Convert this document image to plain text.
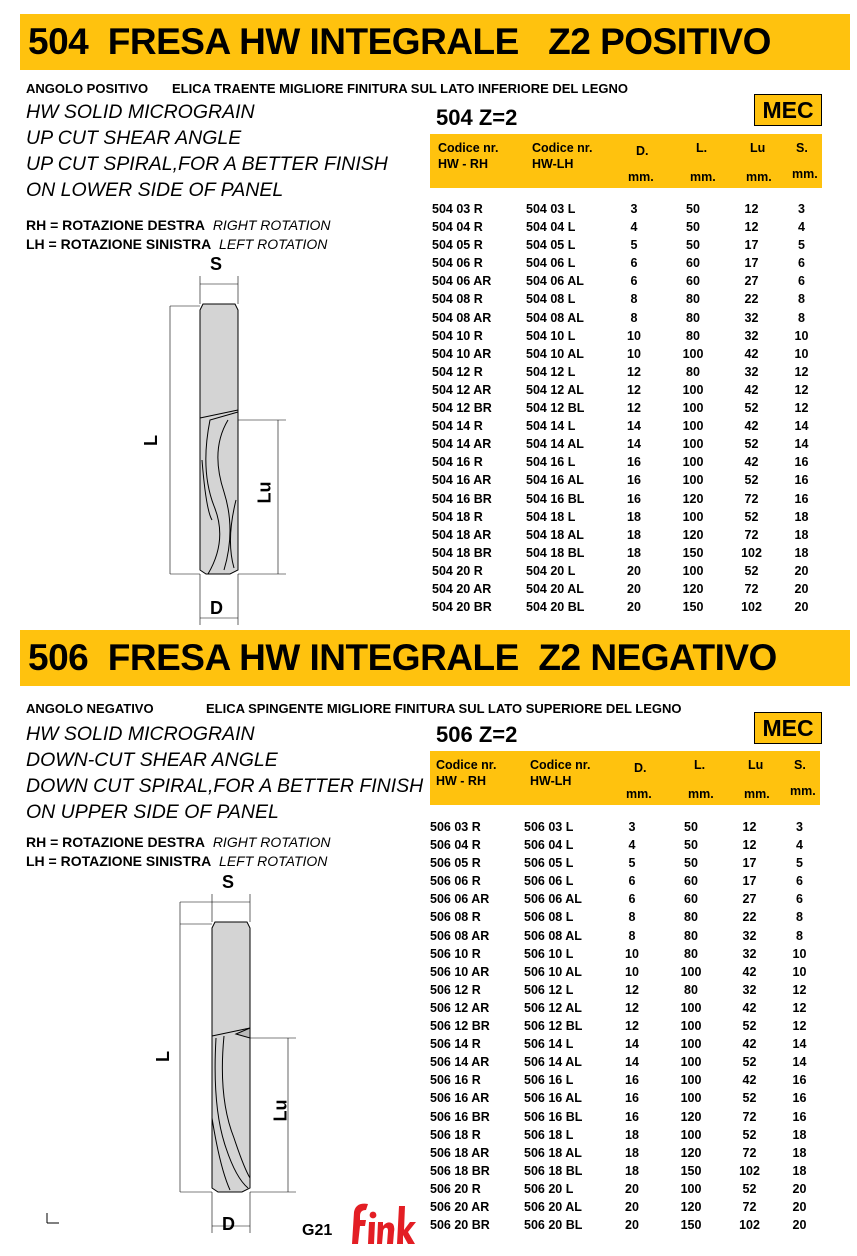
504  FRESA HW INTEGRALE   Z2 POSITIVO
ANGOLO POSITIVO ELICA TRAENTE MIGLIORE FINITURA SUL LATO INFERIORE DEL LEGNO
HW SOLID MICROGRAIN
UP CUT SHEAR ANGLE
UP CUT SPIRAL,FOR A BETTER FINISH
ON LOWER SIDE OF PANEL
RH = ROTAZIONE DESTRA RIGHT ROTATION
LH = ROTAZIONE SINISTRA LEFT ROTATION
504 Z=2	MEC
Codice nr.
HW - RH
Codice nr.
HW-LH
D.	L.	Lu S.
mm.	mm. mm. mm.
504 03 R	504 03 L	3	50	12	3
504 04 R	504 04 L	4	50	12	4
504 05 R	504 05 L	5	50	17	5
504 06 R	504 06 L	6	60	17	6
504 06 AR	504 06 AL	6	60	27	6
504 08 R	504 08 L	8	80	22	8
504 08 AR	504 08 AL	8	80	32	8
504 10 R	504 10 L	10	80	32	10
504 10 AR	504 10 AL	10	100	42	10
504 12 R	504 12 L	12	80	32	12
504 12 AR	504 12 AL	12	100	42	12
504 12 BR	504 12 BL	12	100	52	12
504 14 R	504 14 L	14	100	42	14
504 14 AR	504 14 AL	14	100	52	14
504 16 R	504 16 L	16	100	42	16
504 16 AR	504 16 AL	16	100	52	16
504 16 BR	504 16 BL	16	120	72	16
504 18 R	504 18 L	18	100	52	18
504 18 AR	504 18 AL	18	120	72	18
504 18 BR	504 18 BL	18	150	102	18
504 20 R	504 20 L	20	100	52	20
504 20 AR	504 20 AL	20	120	72	20
504 20 BR	504 20 BL	20	150	102	20
S
L
Lu
D
506  FRESA HW INTEGRALE  Z2 NEGATIVO
ANGOLO NEGATIVO	ELICA SPINGENTE MIGLIORE FINITURA SUL LATO SUPERIORE DEL LEGNO
HW SOLID MICROGRAIN
DOWN-CUT SHEAR ANGLE
DOWN CUT SPIRAL,FOR A BETTER FINISH
ON UPPER SIDE OF PANEL
RH = ROTAZIONE DESTRA RIGHT ROTATION
LH = ROTAZIONE SINISTRA LEFT ROTATION
506 Z=2	MEC
Codice nr.
HW - RH
Codice nr.
HW-LH
D.	L.	Lu S.
mm.	mm. mm. mm.
506 03 R	506 03 L	3	50	12	3
506 04 R	506 04 L	4	50	12	4
506 05 R	506 05 L	5	50	17	5
506 06 R	506 06 L	6	60	17	6
506 06 AR	506 06 AL	6	60	27	6
506 08 R	506 08 L	8	80	22	8
506 08 AR	506 08 AL	8	80	32	8
506 10 R	506 10 L	10	80	32	10
506 10 AR	506 10 AL	10	100	42	10
506 12 R	506 12 L	12	80	32	12
506 12 AR	506 12 AL	12	100	42	12
506 12 BR	506 12 BL	12	100	52	12
506 14 R	506 14 L	14	100	42	14
506 14 AR	506 14 AL	14	100	52	14
506 16 R	506 16 L	16	100	42	16
506 16 AR	506 16 AL	16	100	52	16
506 16 BR	506 16 BL	16	120	72	16
506 18 R	506 18 L	18	100	52	18
506 18 AR	506 18 AL	18	120	72	18
506 18 BR	506 18 BL	18	150	102	18
506 20 R	506 20 L	20	100	52	20
506 20 AR	506 20 AL	20	120	72	20
506 20 BR	506 20 BL	20	150	102	20
S
L
Lu
D	G21
